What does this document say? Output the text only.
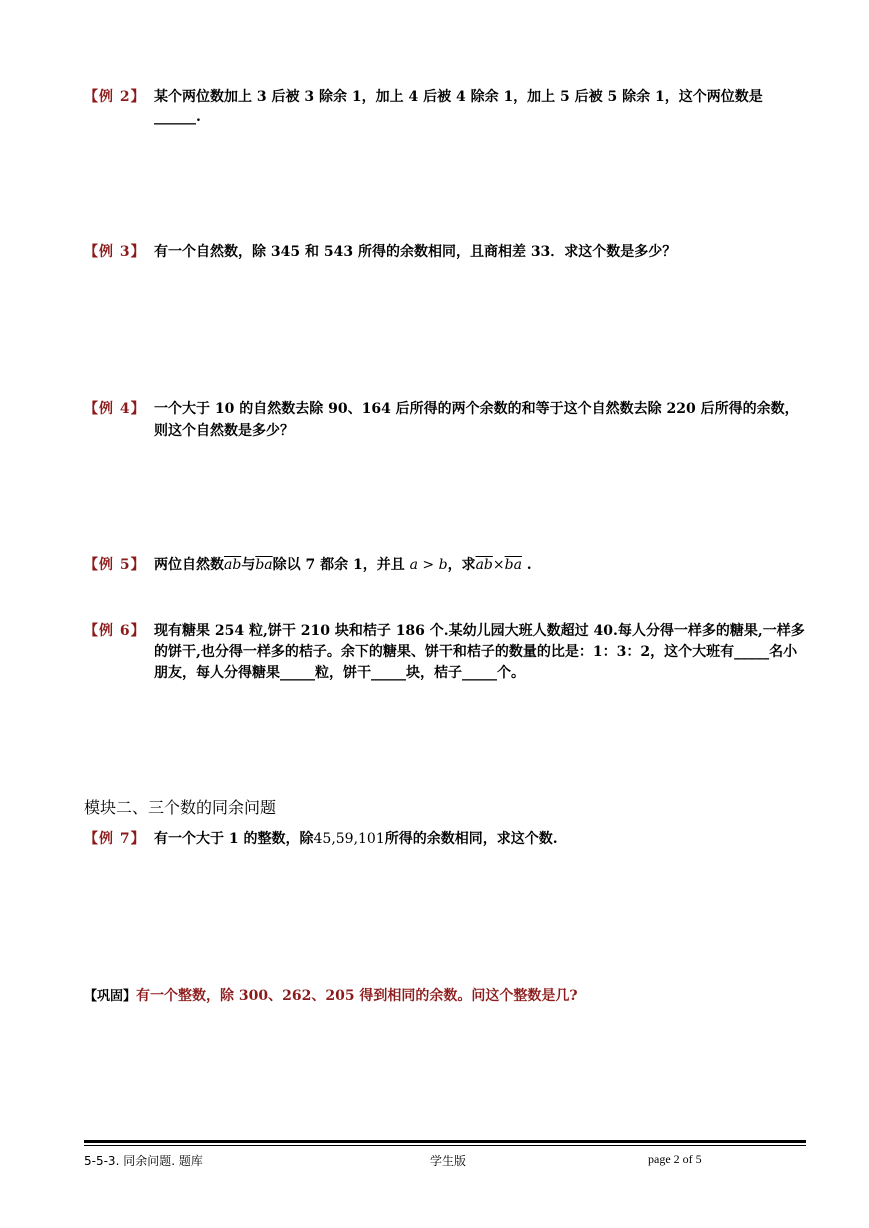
【例 2】 某个两位数加上 3 后被 3 除余 1，加上 4 后被 4 除余 1，加上 5 后被 5 除余 1，这个两位数是______.
【例 3】 有一个自然数，除 345 和 543 所得的余数相同，且商相差 33．求这个数是多少？
【例 4】 一个大于 10 的自然数去除 90、164 后所得的两个余数的和等于这个自然数去除 220 后所得的余数，则这个自然数是多少？
【例 5】 两位自然数$\overline{ab}$与$\overline{ba}$除以 7 都余 1，并且 a > b，求$\overline{ab}\times\overline{ba}$ .
【例 6】 现有糖果 254 粒,饼干 210 块和桔子 186 个.某幼儿园大班人数超过 40.每人分得一样多的糖果,一样多的饼干,也分得一样多的桔子。余下的糖果、饼干和桔子的数量的比是：1：3：2，这个大班有_____名小朋友，每人分得糖果_____粒，饼干_____块，桔子_____个。
模块二、三个数的同余问题
【例 7】 有一个大于 1 的整数，除45,59,101所得的余数相同，求这个数.
【巩固】有一个整数，除 300、262、205 得到相同的余数。问这个整数是几?
5-5-3. 同余问题. 题库	学生版	page 2 of 5
